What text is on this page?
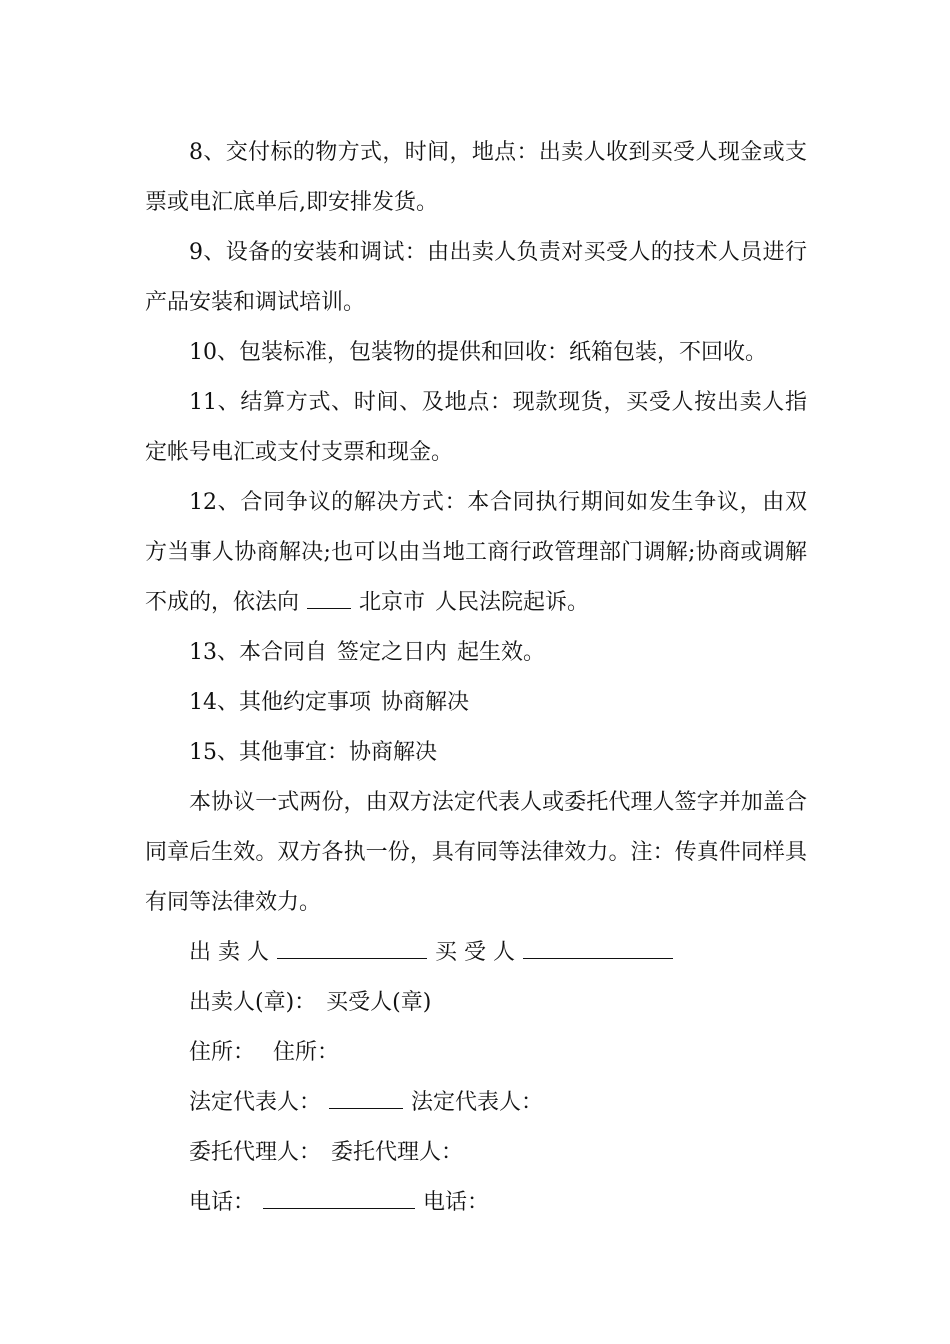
8、交付标的物方式，时间，地点：出卖人收到买受人现金或支票或电汇底单后,即安排发货。

9、设备的安装和调试：由出卖人负责对买受人的技术人员进行产品安装和调试培训。

10、包装标准，包装物的提供和回收：纸箱包装，不回收。

11、结算方式、时间、及地点：现款现货，买受人按出卖人指定帐号电汇或支付支票和现金。

12、合同争议的解决方式：本合同执行期间如发生争议，由双方当事人协商解决;也可以由当地工商行政管理部门调解;协商或调解不成的，依法向	北京市 人民法院起诉。

13、本合同自 签定之日内 起生效。

14、其他约定事项 协商解决

15、其他事宜：协商解决

本协议一式两份，由双方法定代表人或委托代理人签字并加盖合同章后生效。双方各执一份，具有同等法律效力。注：传真件同样具有同等法律效力。

出 卖 人	买 受 人

出卖人(章)： 买受人(章)

住所： 住所：

法定代表人：	法定代表人：

委托代理人： 委托代理人：

电话：	电话：
